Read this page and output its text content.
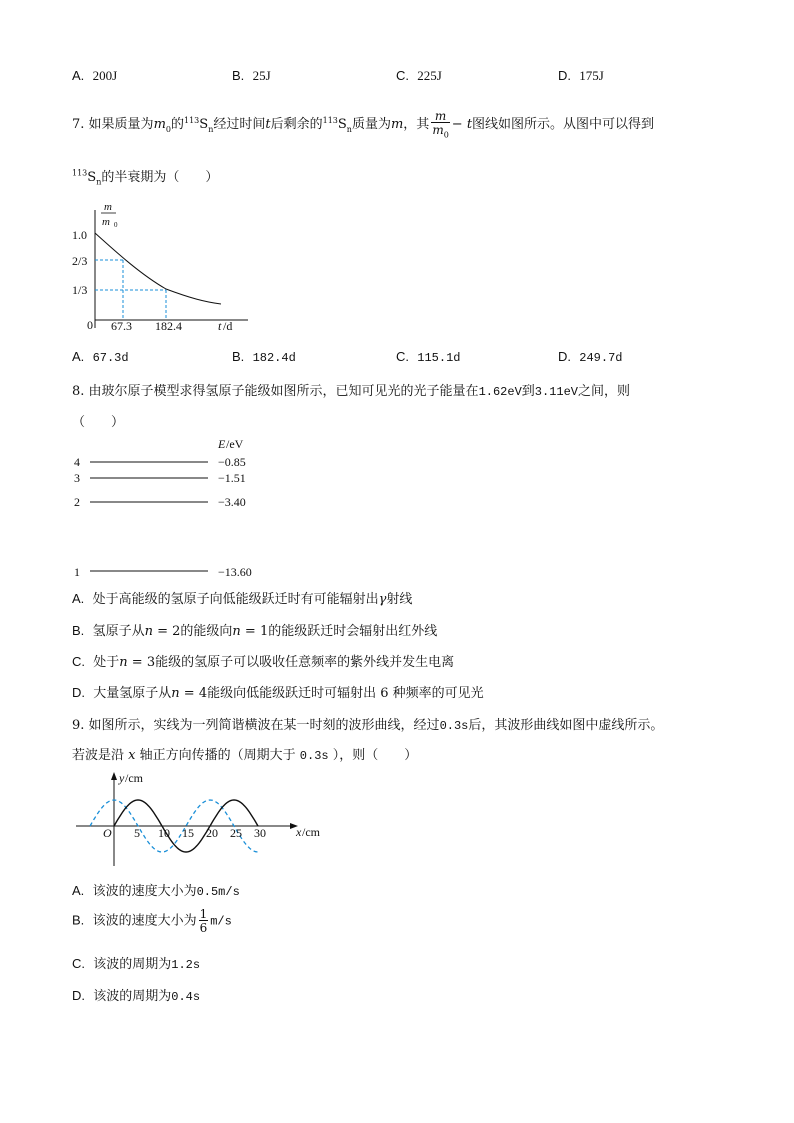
A. 200J	B. 25J	C. 225J	D. 175J
7. 如果质量为$m_0$的$^{113}S_n$经过时间t后剩余的$^{113}S_n$质量为m，其 $\frac{m}{m_0} - t$图线如图所示。从图中可以得到
$^{113}S_n$的半衰期为（　　）
m
m 0
1.0
2/3
1/3
0 67.3 182.4	t /d
A. 67.3d	B. 182.4d	C. 115.1d	D. 249.7d
8. 由玻尔原子模型求得氢原子能级如图所示，已知可见光的光子能量在1.62eV到3.11eV之间，则
（　　）
E /eV
4	−0.85
3	−1.51
2	−3.40
1	−13.60
A. 处于高能级的氢原子向低能级跃迁时有可能辐射出γ射线
B. 氢原子从n = 2的能级向n = 1的能级跃迁时会辐射出红外线
C. 处于n = 3能级的氢原子可以吸收任意频率的紫外线并发生电离
D. 大量氢原子从n = 4能级向低能级跃迁时可辐射出 6 种频率的可见光
9. 如图所示，实线为一列简谐横波在某一时刻的波形曲线，经过0.3s后，其波形曲线如图中虚线所示。
若波是沿 x 轴正方向传播的（周期大于 0.3s ），则（　　）
y /cm
x /cm
O 5 10 15 20 25 30
A. 该波的速度大小为0.5m/s
B. 该波的速度大小为 $\frac{1}{6} m/s$
C. 该波的周期为1.2s
D. 该波的周期为0.4s
